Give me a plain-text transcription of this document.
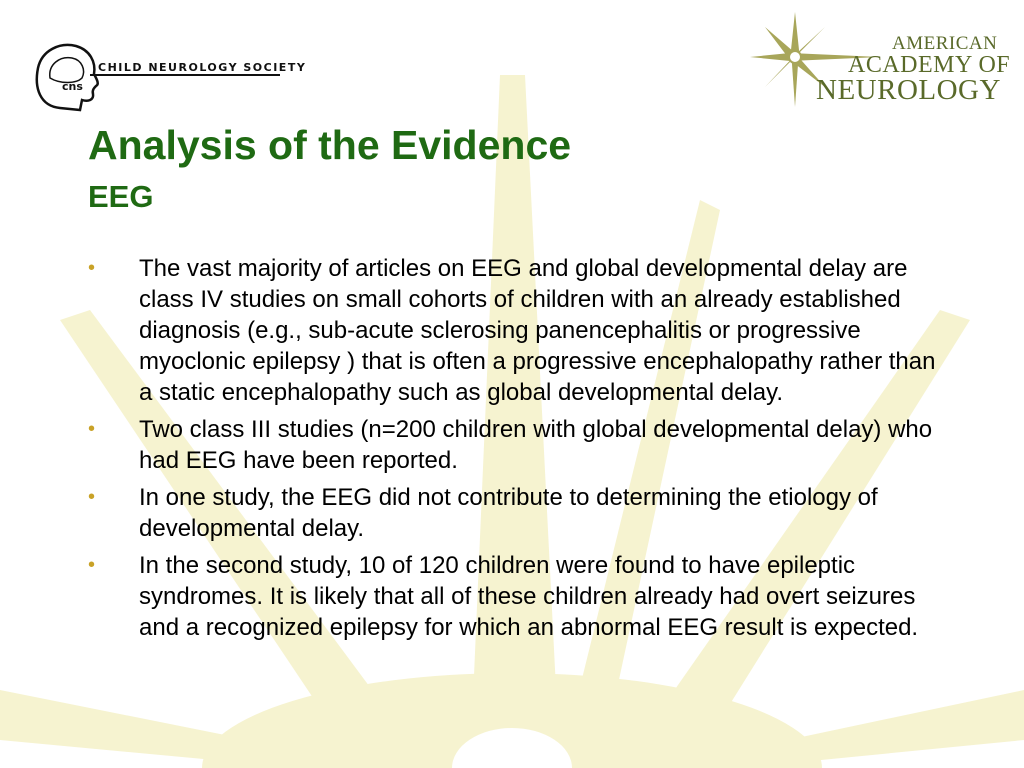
CHILD NEUROLOGY SOCIETY
cns
AMERICAN
ACADEMY OF
NEUROLOGY
Analysis of the Evidence
EEG
•	The vast majority of articles on EEG and global developmental delay are class IV studies on small cohorts of children with an already established diagnosis (e.g., sub-acute sclerosing panencephalitis or progressive myoclonic epilepsy ) that is often a progressive encephalopathy rather than a static encephalopathy such as global developmental delay.
•	Two class III studies (n=200 children with global developmental delay) who had EEG have been reported.
•	In one study, the EEG did not contribute to determining the etiology of developmental delay.
•	In the second study, 10 of 120 children were found to have epileptic syndromes. It is likely that all of these children already had overt seizures and a recognized epilepsy for which an abnormal EEG result is expected.
